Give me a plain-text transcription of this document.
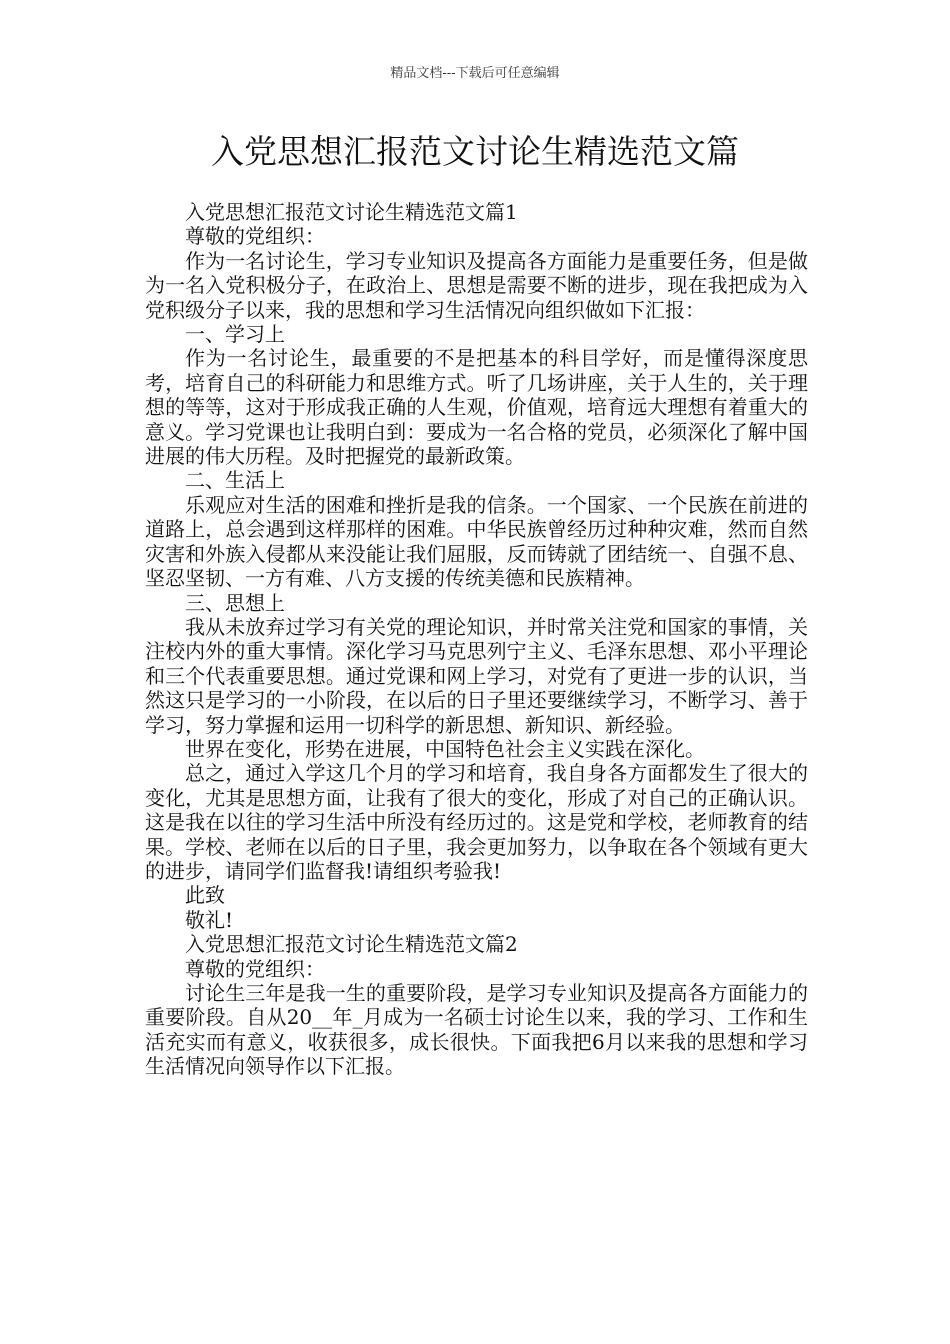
精品文档---下载后可任意编辑
入党思想汇报范文讨论生精选范文篇

入党思想汇报范文讨论生精选范文篇1

尊敬的党组织：

作为一名讨论生，学习专业知识及提高各方面能力是重要任务，但是做为一名入党积极分子，在政治上、思想是需要不断的进步，现在我把成为入党积级分子以来，我的思想和学习生活情况向组织做如下汇报：

一、学习上

作为一名讨论生，最重要的不是把基本的科目学好，而是懂得深度思考，培育自己的科研能力和思维方式。听了几场讲座，关于人生的，关于理想的等等，这对于形成我正确的人生观，价值观，培育远大理想有着重大的意义。学习党课也让我明白到：要成为一名合格的党员，必须深化了解中国进展的伟大历程。及时把握党的最新政策。

二、生活上

乐观应对生活的困难和挫折是我的信条。一个国家、一个民族在前进的道路上，总会遇到这样那样的困难。中华民族曾经历过种种灾难，然而自然灾害和外族入侵都从来没能让我们屈服，反而铸就了团结统一、自强不息、坚忍坚韧、一方有难、八方支援的传统美德和民族精神。

三、思想上

我从未放弃过学习有关党的理论知识，并时常关注党和国家的事情，关注校内外的重大事情。深化学习马克思列宁主义、毛泽东思想、邓小平理论和三个代表重要思想。通过党课和网上学习，对党有了更进一步的认识，当然这只是学习的一小阶段，在以后的日子里还要继续学习，不断学习、善于学习，努力掌握和运用一切科学的新思想、新知识、新经验。

世界在变化，形势在进展，中国特色社会主义实践在深化。

总之，通过入学这几个月的学习和培育，我自身各方面都发生了很大的变化，尤其是思想方面，让我有了很大的变化，形成了对自己的正确认识。这是我在以往的学习生活中所没有经历过的。这是党和学校，老师教育的结果。学校、老师在以后的日子里，我会更加努力，以争取在各个领域有更大的进步，请同学们监督我!请组织考验我!

此致

敬礼!

入党思想汇报范文讨论生精选范文篇2

尊敬的党组织：

讨论生三年是我一生的重要阶段，是学习专业知识及提高各方面能力的重要阶段。自从20__年_月成为一名硕士讨论生以来，我的学习、工作和生活充实而有意义，收获很多，成长很快。下面我把6月以来我的思想和学习生活情况向领导作以下汇报。
